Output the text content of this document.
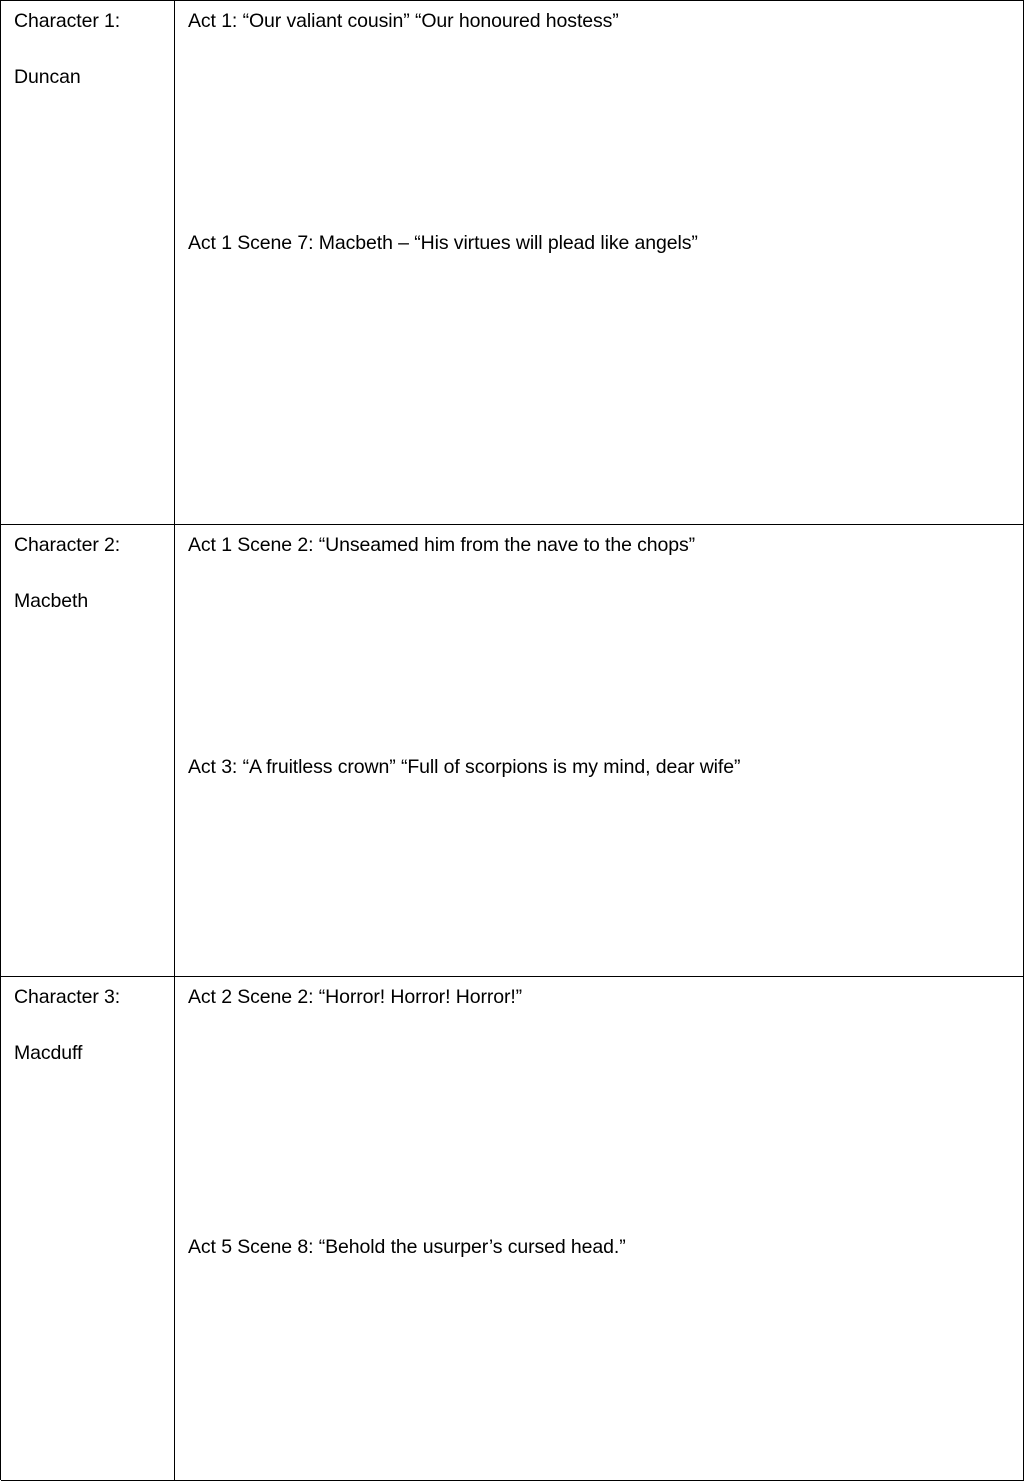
Character 1:
Duncan
Act 1: “Our valiant cousin” “Our honoured hostess”
Act 1 Scene 7: Macbeth – “His virtues will plead like angels”
Character 2:
Macbeth
Act 1 Scene 2: “Unseamed him from the nave to the chops”
Act 3: “A fruitless crown” “Full of scorpions is my mind, dear wife”
Character 3:
Macduff
Act 2 Scene 2: “Horror! Horror! Horror!”
Act 5 Scene 8: “Behold the usurper’s cursed head.”
